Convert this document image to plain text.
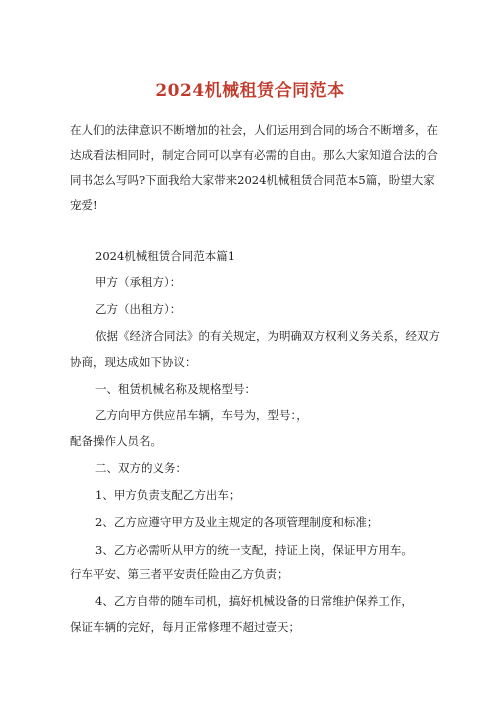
2024机械租赁合同范本
在人们的法律意识不断增加的社会，人们运用到合同的场合不断增多，在
达成看法相同时，制定合同可以享有必需的自由。那么大家知道合法的合
同书怎么写吗?下面我给大家带来2024机械租赁合同范本5篇，盼望大家
宠爱!
2024机械租赁合同范本篇1
甲方（承租方）：
乙方（出租方）：
依据《经济合同法》的有关规定，为明确双方权利义务关系，经双方
协商，现达成如下协议：
一、租赁机械名称及规格型号：
乙方向甲方供应吊车辆，车号为，型号：，
配备操作人员名。
二、双方的义务：
1、甲方负责支配乙方出车；
2、乙方应遵守甲方及业主规定的各项管理制度和标准；
3、乙方必需听从甲方的统一支配，持证上岗，保证甲方用车。
行车平安、第三者平安责任险由乙方负责；
4、乙方自带的随车司机，搞好机械设备的日常维护保养工作，
保证车辆的完好，每月正常修理不超过壹天；
